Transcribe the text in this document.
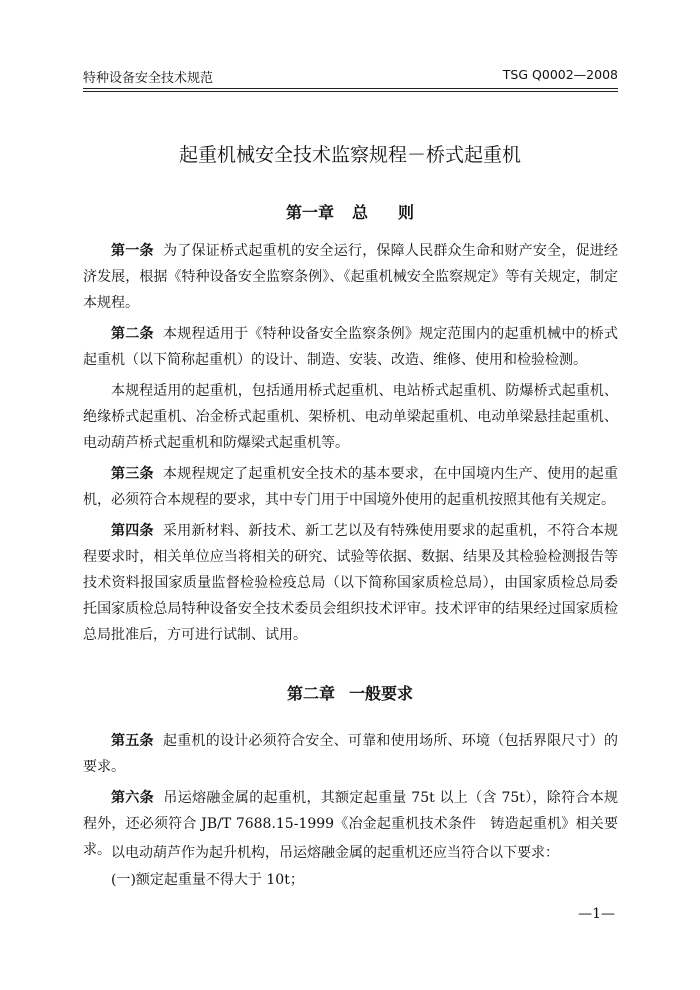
特种设备安全技术规范	TSG Q0002—2008
起重机械安全技术监察规程－桥式起重机
第一章 总 则
第一条 为了保证桥式起重机的安全运行，保障人民群众生命和财产安全，促进经济发展，根据《特种设备安全监察条例》、《起重机械安全监察规定》等有关规定，制定本规程。
第二条 本规程适用于《特种设备安全监察条例》规定范围内的起重机械中的桥式起重机（以下简称起重机）的设计、制造、安装、改造、维修、使用和检验检测。
本规程适用的起重机，包括通用桥式起重机、电站桥式起重机、防爆桥式起重机、绝缘桥式起重机、冶金桥式起重机、架桥机、电动单梁起重机、电动单梁悬挂起重机、电动葫芦桥式起重机和防爆梁式起重机等。
第三条 本规程规定了起重机安全技术的基本要求，在中国境内生产、使用的起重机，必须符合本规程的要求，其中专门用于中国境外使用的起重机按照其他有关规定。
第四条 采用新材料、新技术、新工艺以及有特殊使用要求的起重机，不符合本规程要求时，相关单位应当将相关的研究、试验等依据、数据、结果及其检验检测报告等技术资料报国家质量监督检验检疫总局（以下简称国家质检总局），由国家质检总局委托国家质检总局特种设备安全技术委员会组织技术评审。技术评审的结果经过国家质检总局批准后，方可进行试制、试用。
第二章 一般要求
第五条 起重机的设计必须符合安全、可靠和使用场所、环境（包括界限尺寸）的要求。
第六条 吊运熔融金属的起重机，其额定起重量 75t 以上（含 75t），除符合本规程外，还必须符合 JB/T 7688.15-1999《冶金起重机技术条件　铸造起重机》相关要求。 以电动葫芦作为起升机构，吊运熔融金属的起重机还应当符合以下要求：
(一)额定起重量不得大于 10t；
—1—
